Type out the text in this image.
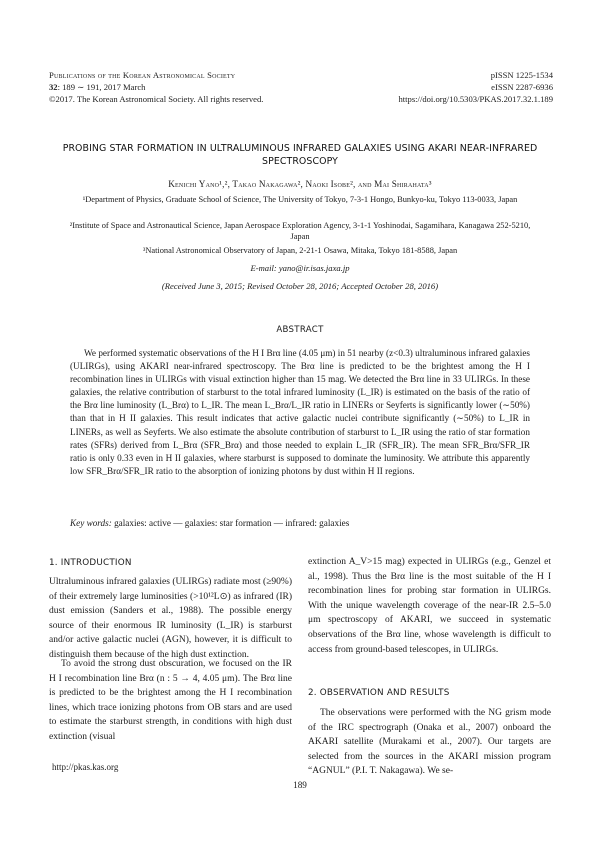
Publications of the Korean Astronomical Society
32: 189 ∼ 191, 2017 March
©2017. The Korean Astronomical Society. All rights reserved.
pISSN 1225-1534
eISSN 2287-6936
https://doi.org/10.5303/PKAS.2017.32.1.189
PROBING STAR FORMATION IN ULTRALUMINOUS INFRARED GALAXIES USING AKARI NEAR-INFRARED SPECTROSCOPY
Kenichi Yano¹,², Takao Nakagawa², Naoki Isobe², and Mai Shirahata³
¹Department of Physics, Graduate School of Science, The University of Tokyo, 7-3-1 Hongo, Bunkyo-ku, Tokyo 113-0033, Japan
²Institute of Space and Astronautical Science, Japan Aerospace Exploration Agency, 3-1-1 Yoshinodai, Sagamihara, Kanagawa 252-5210, Japan
³National Astronomical Observatory of Japan, 2-21-1 Osawa, Mitaka, Tokyo 181-8588, Japan
E-mail: yano@ir.isas.jaxa.jp
(Received June 3, 2015; Revised October 28, 2016; Accepted October 28, 2016)
ABSTRACT
We performed systematic observations of the H I Brα line (4.05 μm) in 51 nearby (z<0.3) ultraluminous infrared galaxies (ULIRGs), using AKARI near-infrared spectroscopy. The Brα line is predicted to be the brightest among the H I recombination lines in ULIRGs with visual extinction higher than 15 mag. We detected the Brα line in 33 ULIRGs. In these galaxies, the relative contribution of starburst to the total infrared luminosity (L_IR) is estimated on the basis of the ratio of the Brα line luminosity (L_Brα) to L_IR. The mean L_Brα/L_IR ratio in LINERs or Seyferts is significantly lower (∼50%) than that in H II galaxies. This result indicates that active galactic nuclei contribute significantly (∼50%) to L_IR in LINERs, as well as Seyferts. We also estimate the absolute contribution of starburst to L_IR using the ratio of star formation rates (SFRs) derived from L_Brα (SFR_Brα) and those needed to explain L_IR (SFR_IR). The mean SFR_Brα/SFR_IR ratio is only 0.33 even in H II galaxies, where starburst is supposed to dominate the luminosity. We attribute this apparently low SFR_Brα/SFR_IR ratio to the absorption of ionizing photons by dust within H II regions.
Key words: galaxies: active — galaxies: star formation — infrared: galaxies
1. INTRODUCTION
Ultraluminous infrared galaxies (ULIRGs) radiate most (≥90%) of their extremely large luminosities (>10¹²L⊙) as infrared (IR) dust emission (Sanders et al., 1988). The possible energy source of their enormous IR luminosity (L_IR) is starburst and/or active galactic nuclei (AGN), however, it is difficult to distinguish them because of the high dust extinction.
To avoid the strong dust obscuration, we focused on the IR H I recombination line Brα (n : 5 → 4, 4.05 μm). The Brα line is predicted to be the brightest among the H I recombination lines, which trace ionizing photons from OB stars and are used to estimate the starburst strength, in conditions with high dust extinction (visual
extinction A_V>15 mag) expected in ULIRGs (e.g., Genzel et al., 1998). Thus the Brα line is the most suitable of the H I recombination lines for probing star formation in ULIRGs. With the unique wavelength coverage of the near-IR 2.5–5.0 μm spectroscopy of AKARI, we succeed in systematic observations of the Brα line, whose wavelength is difficult to access from ground-based telescopes, in ULIRGs.
2. OBSERVATION AND RESULTS
The observations were performed with the NG grism mode of the IRC spectrograph (Onaka et al., 2007) onboard the AKARI satellite (Murakami et al., 2007). Our targets are selected from the sources in the AKARI mission program “AGNUL” (P.I. T. Nakagawa). We se-
http://pkas.kas.org
189
